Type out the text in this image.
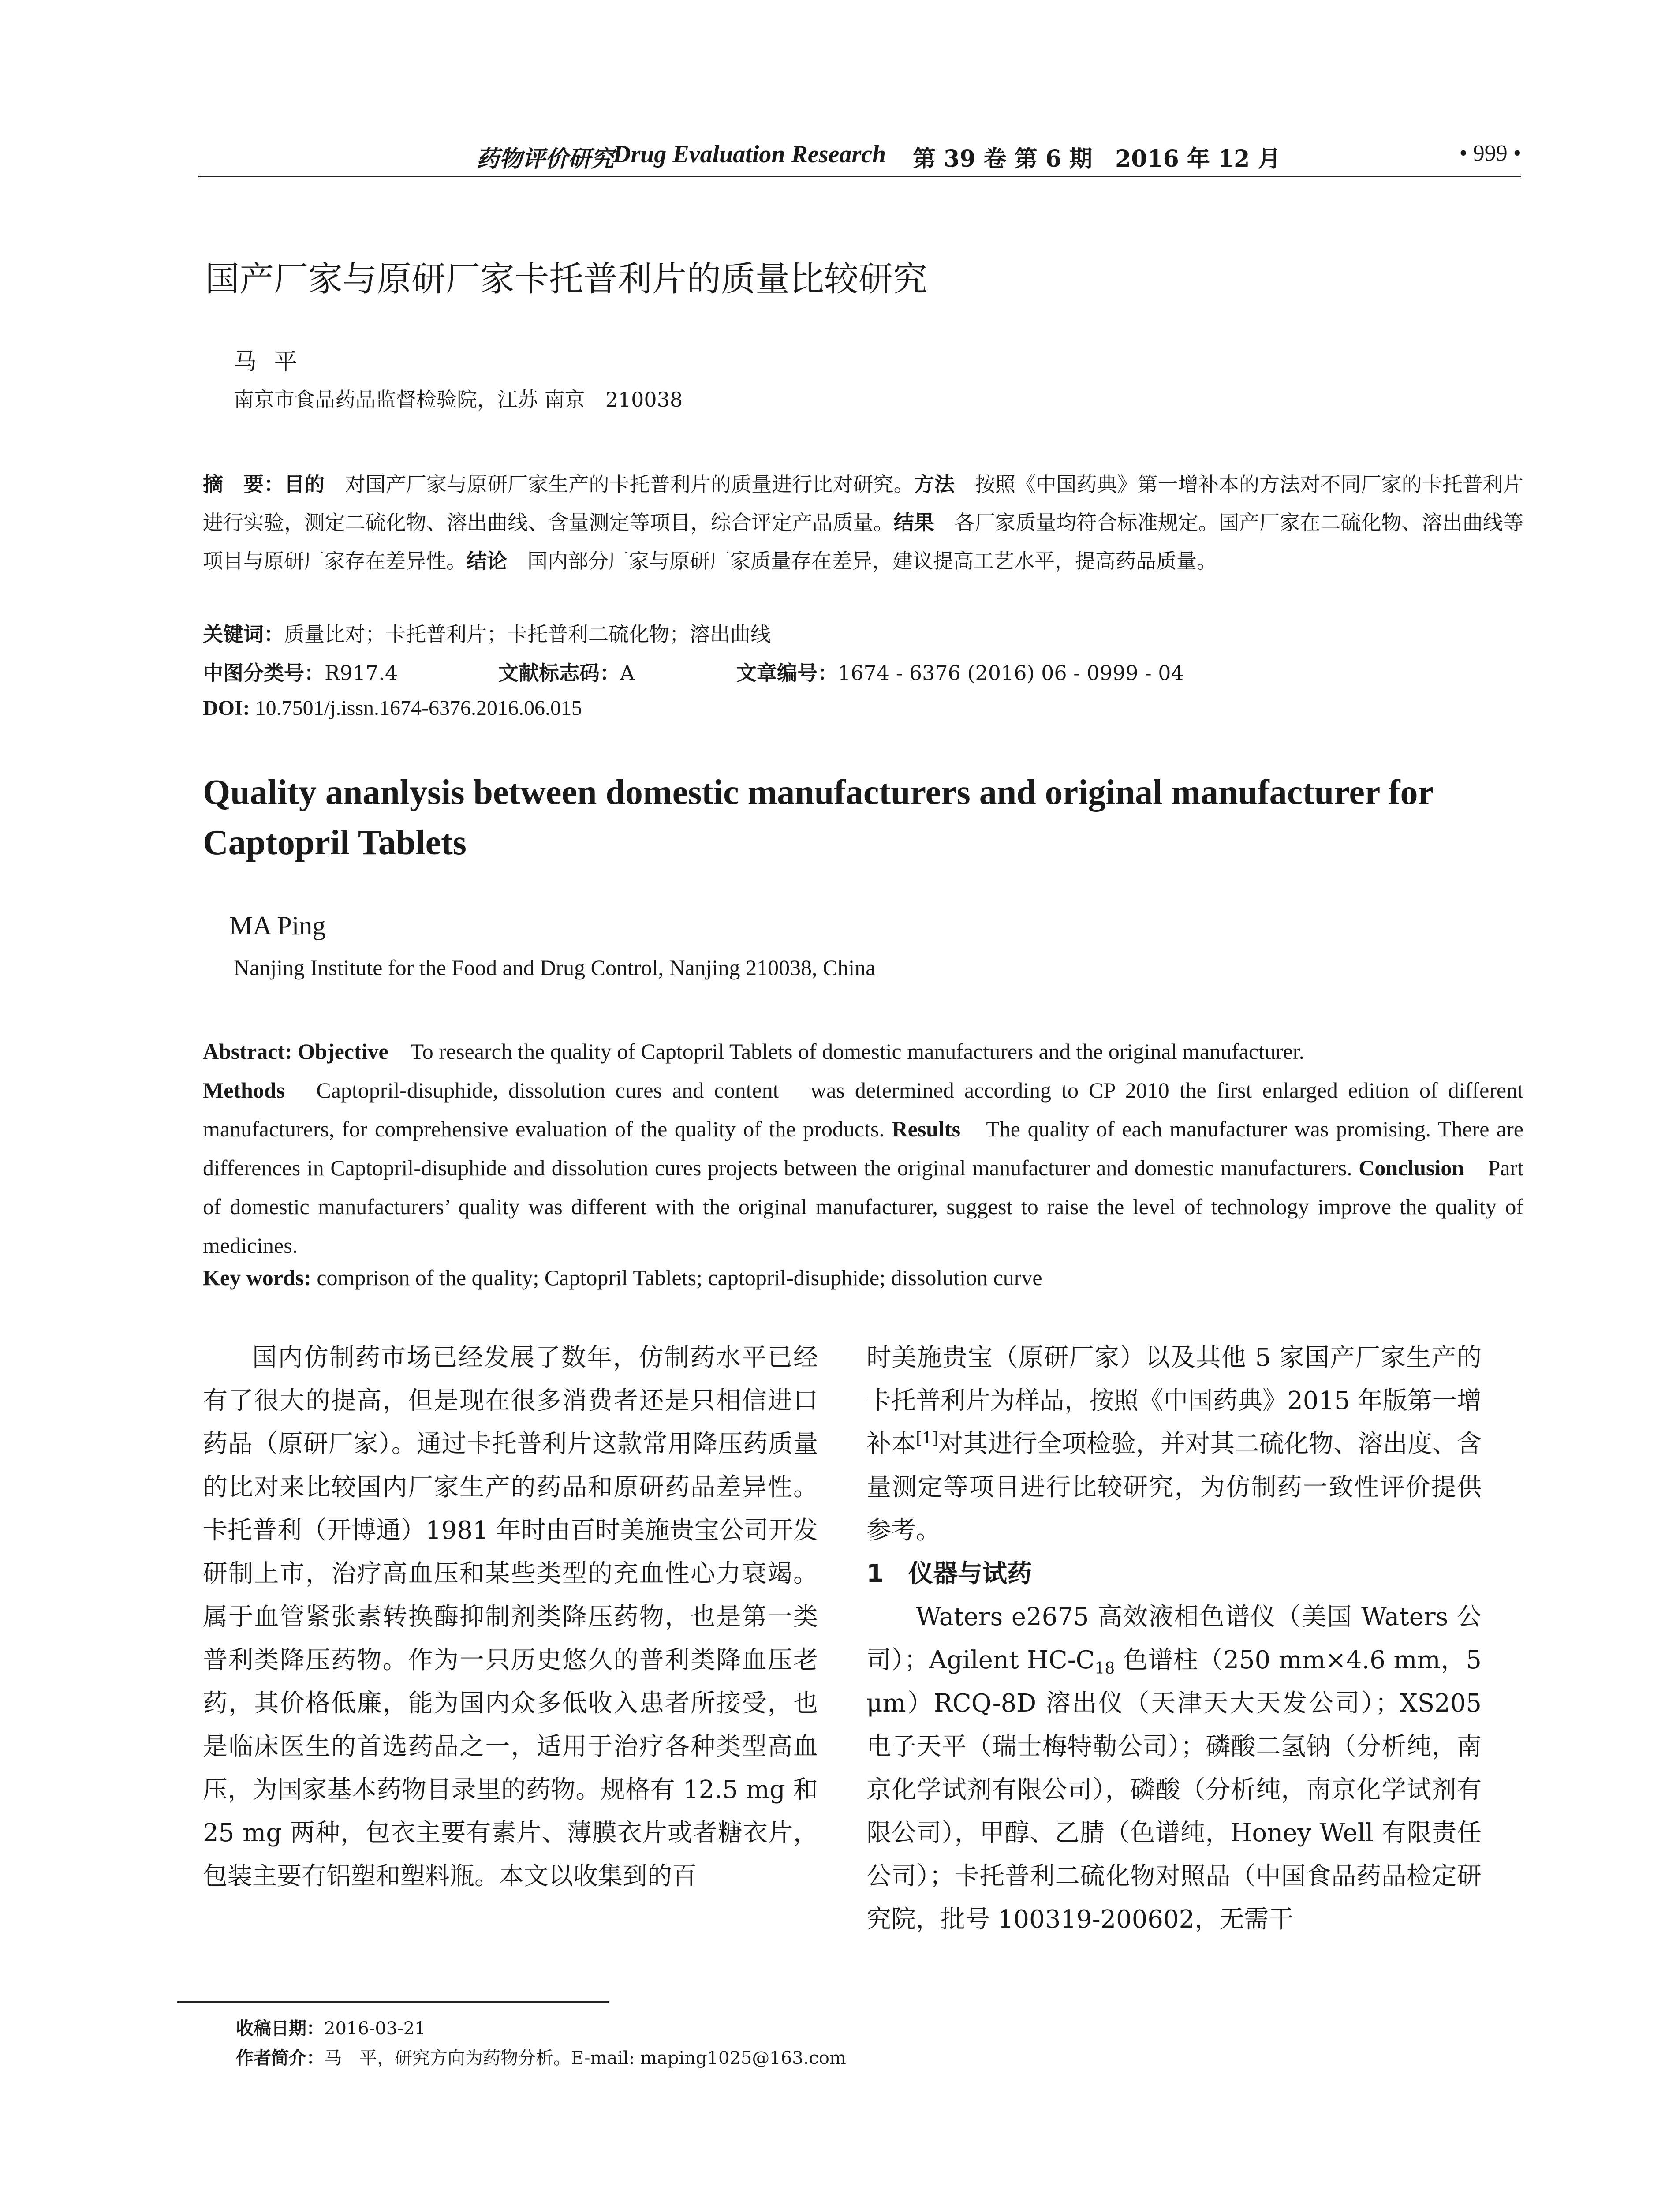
药物评价研究
Drug Evaluation Research 第 39 卷 第 6 期　2016 年 12 月	• 999 •
国产厂家与原研厂家卡托普利片的质量比较研究
马平
南京市食品药品监督检验院，江苏 南京　210038
摘　要：目的　对国产厂家与原研厂家生产的卡托普利片的质量进行比对研究。方法　按照《中国药典》第一增补本的方法对不同厂家的卡托普利片进行实验，测定二硫化物、溶出曲线、含量测定等项目，综合评定产品质量。结果　各厂家质量均符合标准规定。国产厂家在二硫化物、溶出曲线等项目与原研厂家存在差异性。结论　国内部分厂家与原研厂家质量存在差异，建议提高工艺水平，提高药品质量。
关键词：质量比对；卡托普利片；卡托普利二硫化物；溶出曲线
中图分类号：R917.4	文献标志码：A	文章编号：1674 - 6376 (2016) 06 - 0999 - 04
DOI: 10.7501/j.issn.1674-6376.2016.06.015
Quality ananlysis between domestic manufacturers and original manufacturer for Captopril Tablets
MA Ping
Nanjing Institute for the Food and Drug Control, Nanjing 210038, China
Abstract: Objective　To research the quality of Captopril Tablets of domestic manufacturers and the original manufacturer.
Methods　Captopril-disuphide, dissolution cures and content　was determined according to CP 2010 the first enlarged edition of different manufacturers, for comprehensive evaluation of the quality of the products. Results　The quality of each manufacturer was promising. There are differences in Captopril-disuphide and dissolution cures projects between the original manufacturer and domestic manufacturers. Conclusion　Part of domestic manufacturers’ quality was different with the original manufacturer, suggest to raise the level of technology improve the quality of medicines.
Key words: comprison of the quality; Captopril Tablets; captopril-disuphide; dissolution curve

国内仿制药市场已经发展了数年，仿制药水平已经有了很大的提高，但是现在很多消费者还是只相信进口药品（原研厂家）。通过卡托普利片这款常用降压药质量的比对来比较国内厂家生产的药品和原研药品差异性。卡托普利（开博通）1981 年时由百时美施贵宝公司开发研制上市，治疗高血压和某些类型的充血性心力衰竭。属于血管紧张素转换酶抑制剂类降压药物，也是第一类普利类降压药物。作为一只历史悠久的普利类降血压老药，其价格低廉，能为国内众多低收入患者所接受，也是临床医生的首选药品之一，适用于治疗各种类型高血压，为国家基本药物目录里的药物。规格有 12.5 mg 和 25 mg 两种，包衣主要有素片、薄膜衣片或者糖衣片，包装主要有铝塑和塑料瓶。本文以收集到的百

时美施贵宝（原研厂家）以及其他 5 家国产厂家生产的卡托普利片为样品，按照《中国药典》2015 年版第一增补本[1]对其进行全项检验，并对其二硫化物、溶出度、含量测定等项目进行比较研究，为仿制药一致性评价提供参考。

1　仪器与试药

Waters e2675 高效液相色谱仪（美国 Waters 公司）；Agilent $HC-C_{18}$ 色谱柱（250 mm×4.6 mm，5 μm）RCQ-8D 溶出仪（天津天大天发公司）；XS205 电子天平（瑞士梅特勒公司）；磷酸二氢钠（分析纯，南京化学试剂有限公司），磷酸（分析纯，南京化学试剂有限公司），甲醇、乙腈（色谱纯，Honey Well 有限责任公司）；卡托普利二硫化物对照品（中国食品药品检定研究院，批号 100319-200602，无需干

收稿日期：2016-03-21
作者简介：马　平，研究方向为药物分析。E-mail: maping1025@163.com
